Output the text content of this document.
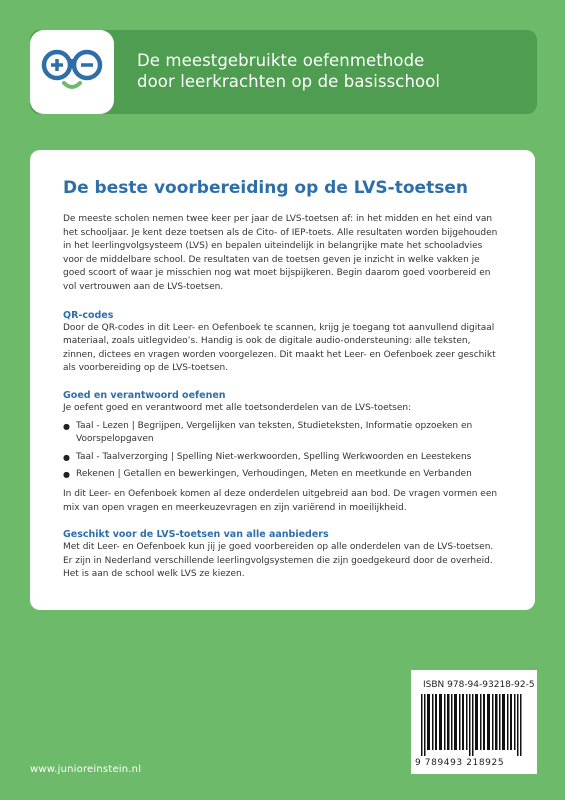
De meestgebruikte oefenmethode
door leerkrachten op de basisschool
De beste voorbereiding op de LVS-toetsen
De meeste scholen nemen twee keer per jaar de LVS-toetsen af: in het midden en het eind van het schooljaar. Je kent deze toetsen als de Cito- of IEP-toets. Alle resultaten worden bijgehouden in het leerlingvolgsysteem (LVS) en bepalen uiteindelijk in belangrijke mate het schooladvies voor de middelbare school. De resultaten van de toetsen geven je inzicht in welke vakken je goed scoort of waar je misschien nog wat moet bijspijkeren. Begin daarom goed voorbereid en vol vertrouwen aan de LVS-toetsen.
QR-codes
Door de QR-codes in dit Leer- en Oefenboek te scannen, krijg je toegang tot aanvullend digitaal materiaal, zoals uitlegvideo’s. Handig is ook de digitale audio-ondersteuning: alle teksten, zinnen, dictees en vragen worden voorgelezen. Dit maakt het Leer- en Oefenboek zeer geschikt als voorbereiding op de LVS-toetsen.
Goed en verantwoord oefenen
Je oefent goed en verantwoord met alle toetsonderdelen van de LVS-toetsen:
● Taal - Lezen | Begrijpen, Vergelijken van teksten, Studieteksten, Informatie opzoeken en Voorspelopgaven
● Taal - Taalverzorging | Spelling Niet-werkwoorden, Spelling Werkwoorden en Leestekens
● Rekenen | Getallen en bewerkingen, Verhoudingen, Meten en meetkunde en Verbanden
In dit Leer- en Oefenboek komen al deze onderdelen uitgebreid aan bod. De vragen vormen een mix van open vragen en meerkeuzevragen en zijn variërend in moeilijkheid.
Geschikt voor de LVS-toetsen van alle aanbieders
Met dit Leer- en Oefenboek kun jij je goed voorbereiden op alle onderdelen van de LVS-toetsen. Er zijn in Nederland verschillende leerlingvolgsystemen die zijn goedgekeurd door de overheid. Het is aan de school welk LVS ze kiezen.
www.junioreinstein.nl
ISBN 978-94-93218-92-5
9 789493 218925
